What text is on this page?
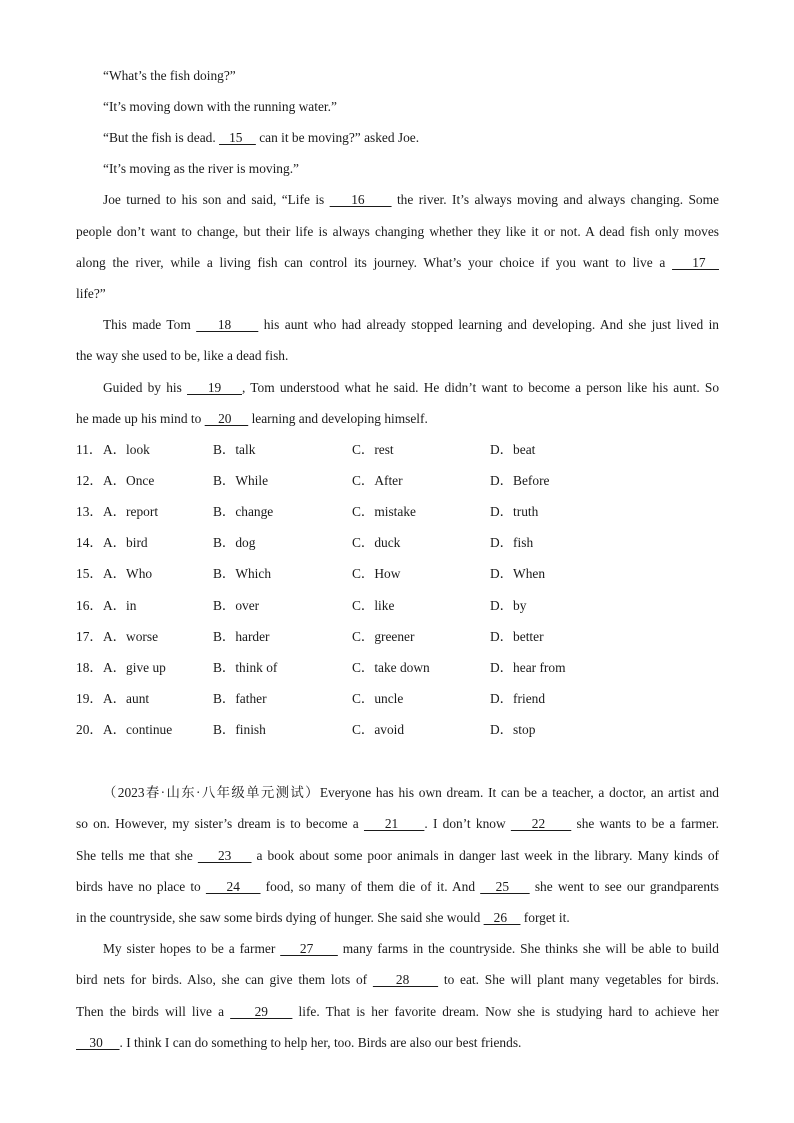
“What’s the fish doing?”
“It’s moving down with the running water.”
“But the fish is dead.    15     can it be moving?” asked Joe.
“It’s moving as the river is moving.”
Joe turned to his son and said, “Life is     16      the river. It’s always moving and always changing. Some
people don’t want to change, but their life is always changing whether they like it or not. A dead fish only moves
along the river, while a living fish can control its journey. What’s your choice if you want to live a    17
life?”
This made Tom     18      his aunt who had already stopped learning and developing. And she just lived in
the way she used to be, like a dead fish.
Guided by his     19    , Tom understood what he said. He didn’t want to become a person like his aunt. So
he made up his mind to     20      learning and developing himself.
11． A．look	B．talk	C．rest	D．beat
12． A．Once	B．While	C．After	D．Before
13． A．report	B．change	C．mistake	D．truth
14． A．bird	B．dog	C．duck	D．fish
15． A．Who	B．Which	C．How	D．When
16． A．in	B．over	C．like	D．by
17． A．worse	B．harder	C．greener	D．better
18． A．give up	B．think of	C．take down	D．hear from
19． A．aunt	B．father	C．uncle	D．friend
20． A．continue	B．finish	C．avoid	D．stop
（2023春·山东·八年级单元测试）Everyone has his own dream. It can be a teacher, a doctor, an artist and
so on. However, my sister’s dream is to become a     21     . I don’t know     22      she wants to be a farmer.
She tells me that she     23     a book about some poor animals in danger last week in the library. Many kinds of
birds have no place to     24     food, so many of them die of it. And    25     she went to see our grandparents
in the countryside, she saw some birds dying of hunger. She said she would    26     forget it.
My sister hopes to be a farmer     27      many farms in the countryside. She thinks she will be able to build
bird nets for birds. Also, she can give them lots of     28      to eat. She will plant many vegetables for birds.
Then the birds will live a     29     life. That is her favorite dream. Now she is studying hard to achieve her
30     . I think I can do something to help her, too. Birds are also our best friends.
